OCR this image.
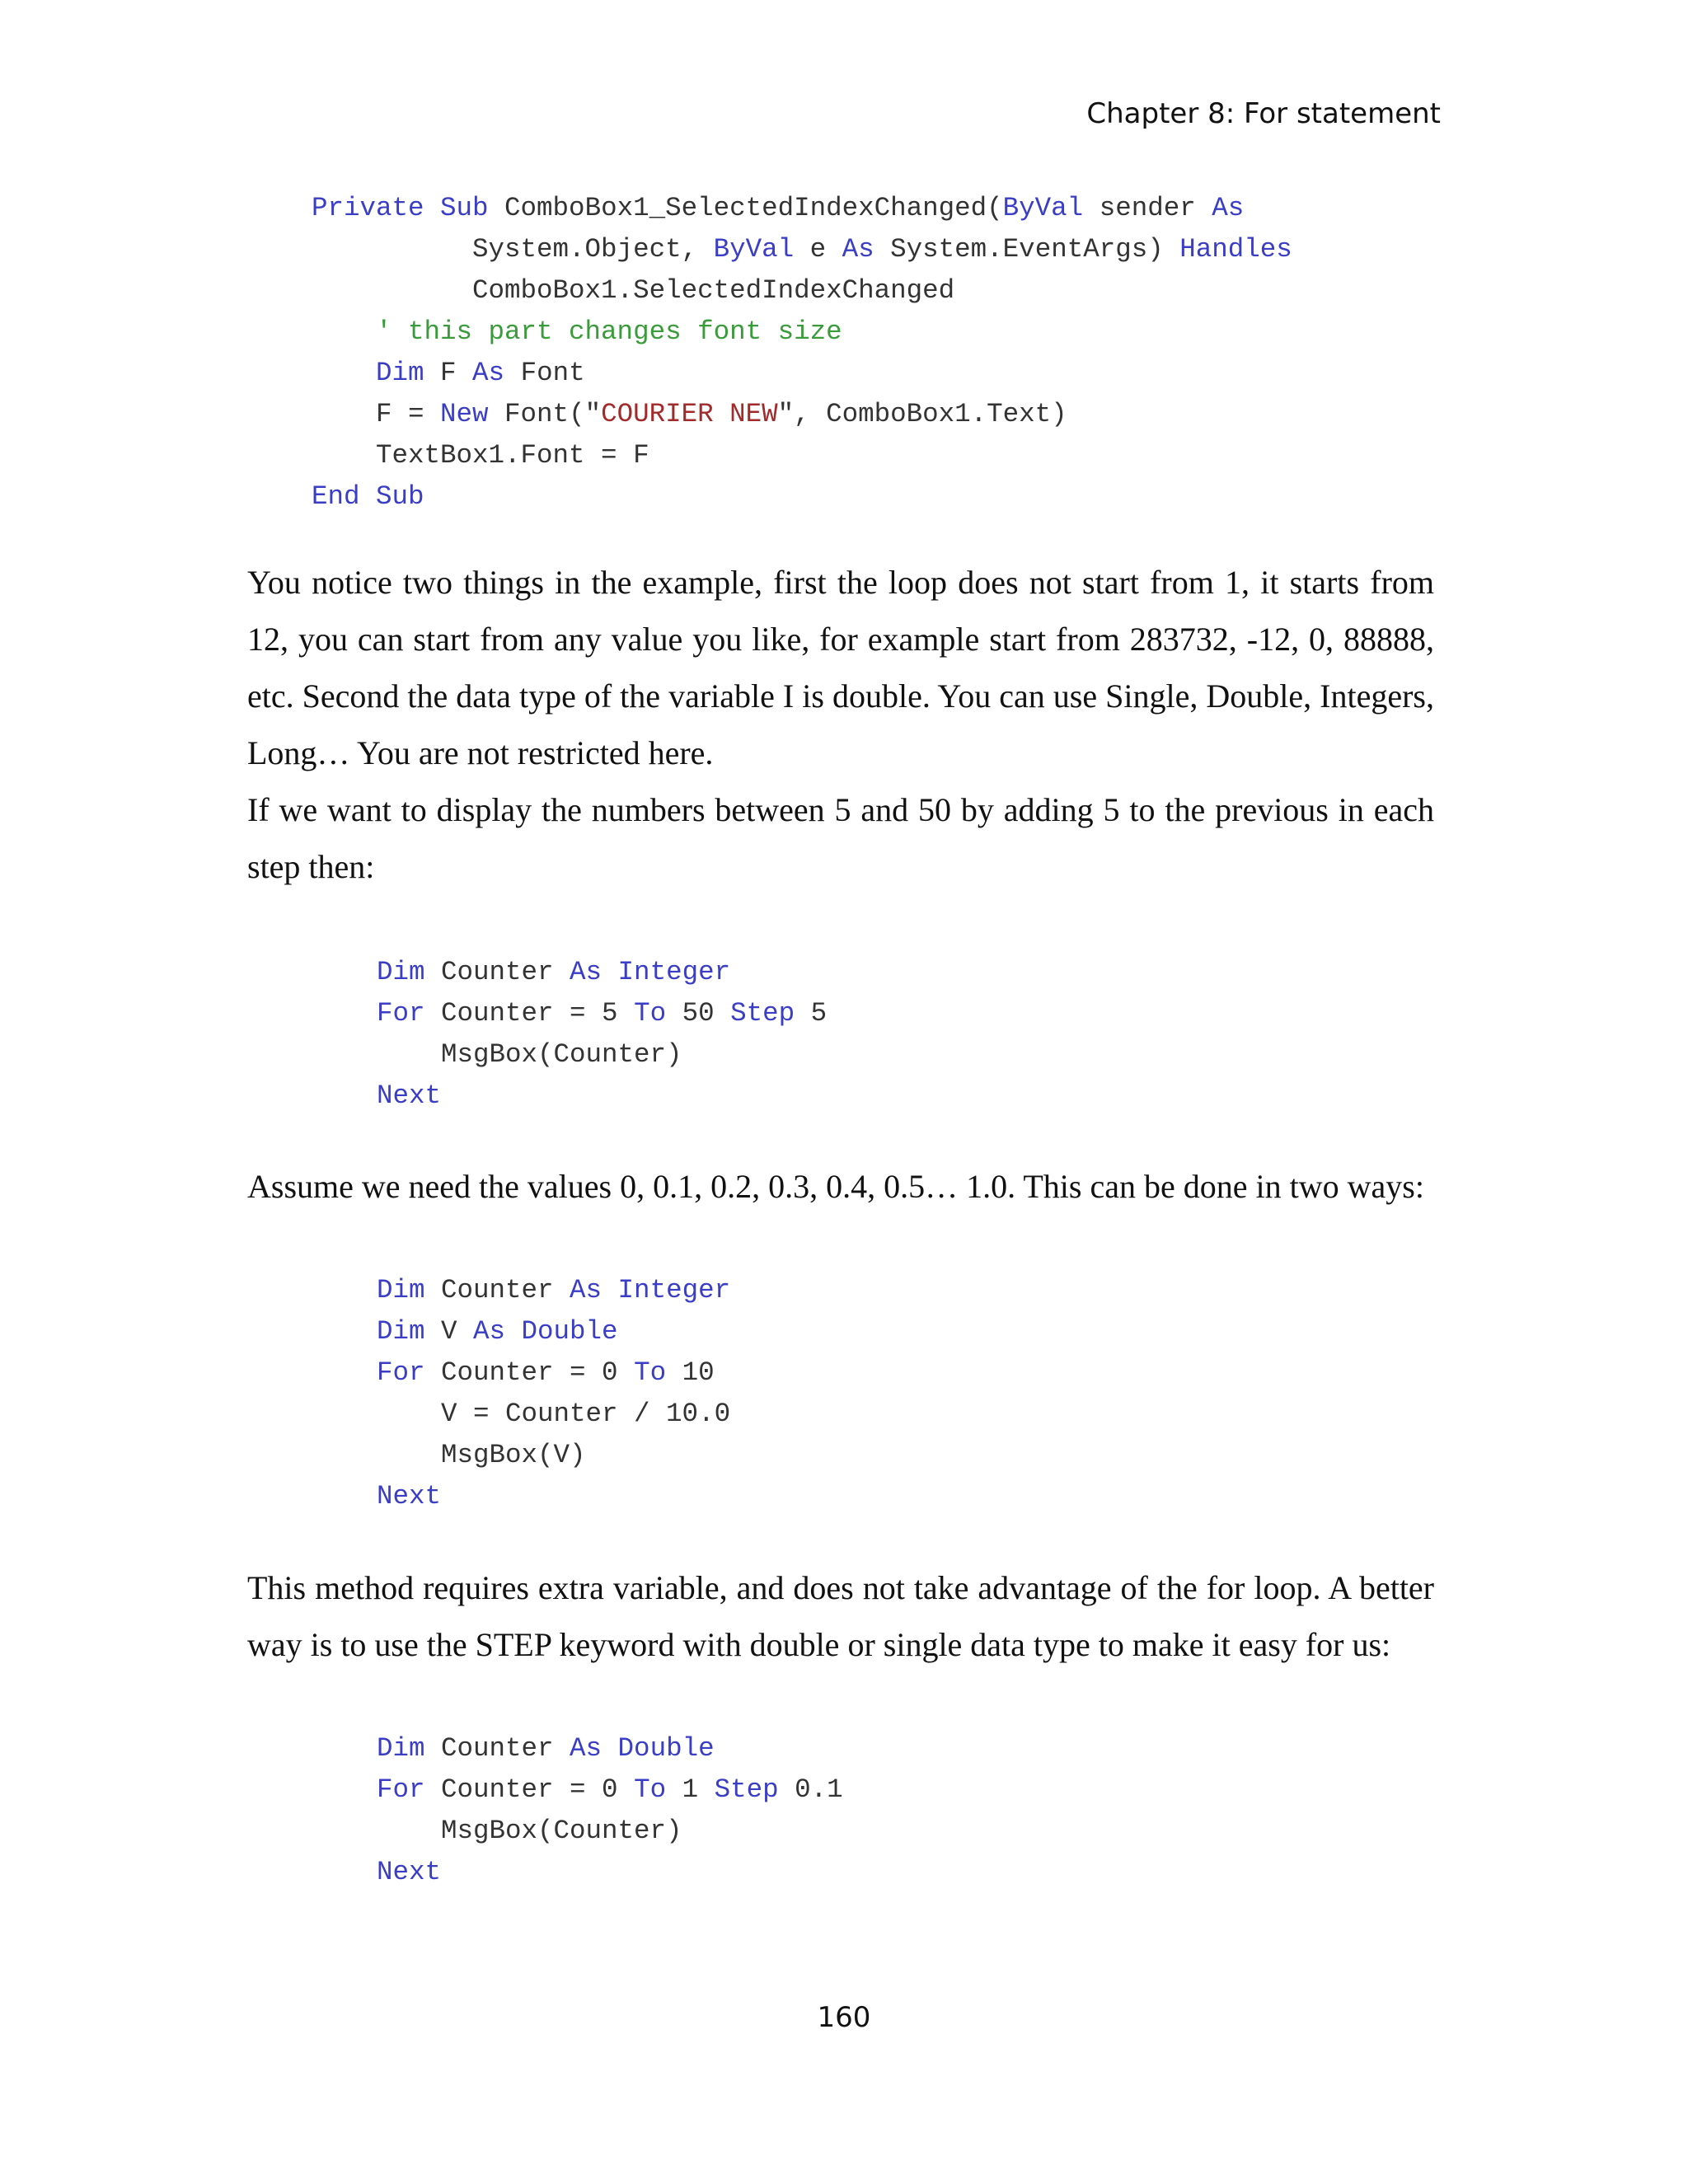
Chapter 8: For statement
Private Sub ComboBox1_SelectedIndexChanged(ByVal sender As
System.Object, ByVal e As System.EventArgs) Handles
ComboBox1.SelectedIndexChanged
' this part changes font size
Dim F As Font
F = New Font("COURIER NEW", ComboBox1.Text)
TextBox1.Font = F
End Sub

You notice two things in the example, first the loop does not start from 1, it starts from 12, you can start from any value you like, for example start from 283732, -12, 0, 88888, etc. Second the data type of the variable I is double. You can use Single, Double, Integers, Long… You are not restricted here.

If we want to display the numbers between 5 and 50 by adding 5 to the previous in each step then:

Dim Counter As Integer
For Counter = 5 To 50 Step 5
MsgBox(Counter)
Next

Assume we need the values 0, 0.1, 0.2, 0.3, 0.4, 0.5… 1.0. This can be done in two ways:

Dim Counter As Integer
Dim V As Double
For Counter = 0 To 10
V = Counter / 10.0
MsgBox(V)
Next

This method requires extra variable, and does not take advantage of the for loop. A better way is to use the STEP keyword with double or single data type to make it easy for us:

Dim Counter As Double
For Counter = 0 To 1 Step 0.1
MsgBox(Counter)
Next
160
